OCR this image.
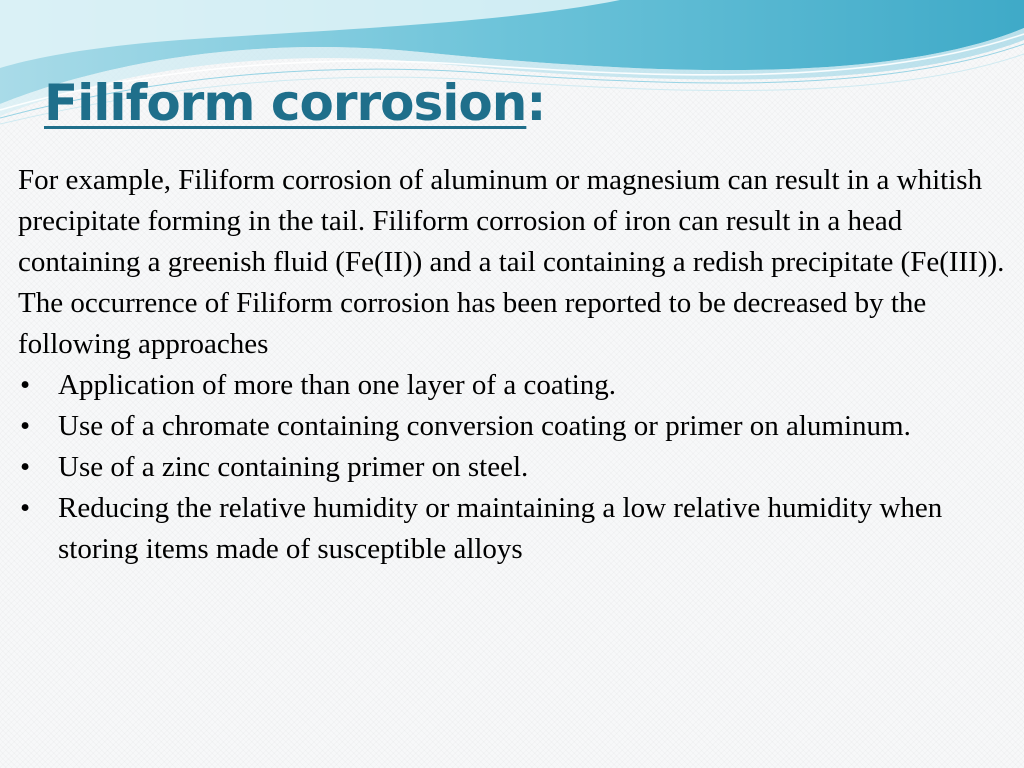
Filiform corrosion:

For example, Filiform corrosion of aluminum or magnesium can result in a whitish precipitate forming in the tail. Filiform corrosion of iron can result in a head containing a greenish fluid (Fe(II)) and a tail containing a redish precipitate (Fe(III)).

The occurrence of Filiform corrosion has been reported to be decreased by the following approaches

• Application of more than one layer of a coating.
• Use of a chromate containing conversion coating or primer on aluminum.
• Use of a zinc containing primer on steel.
• Reducing the relative humidity or maintaining a low relative humidity when storing items made of susceptible alloys
